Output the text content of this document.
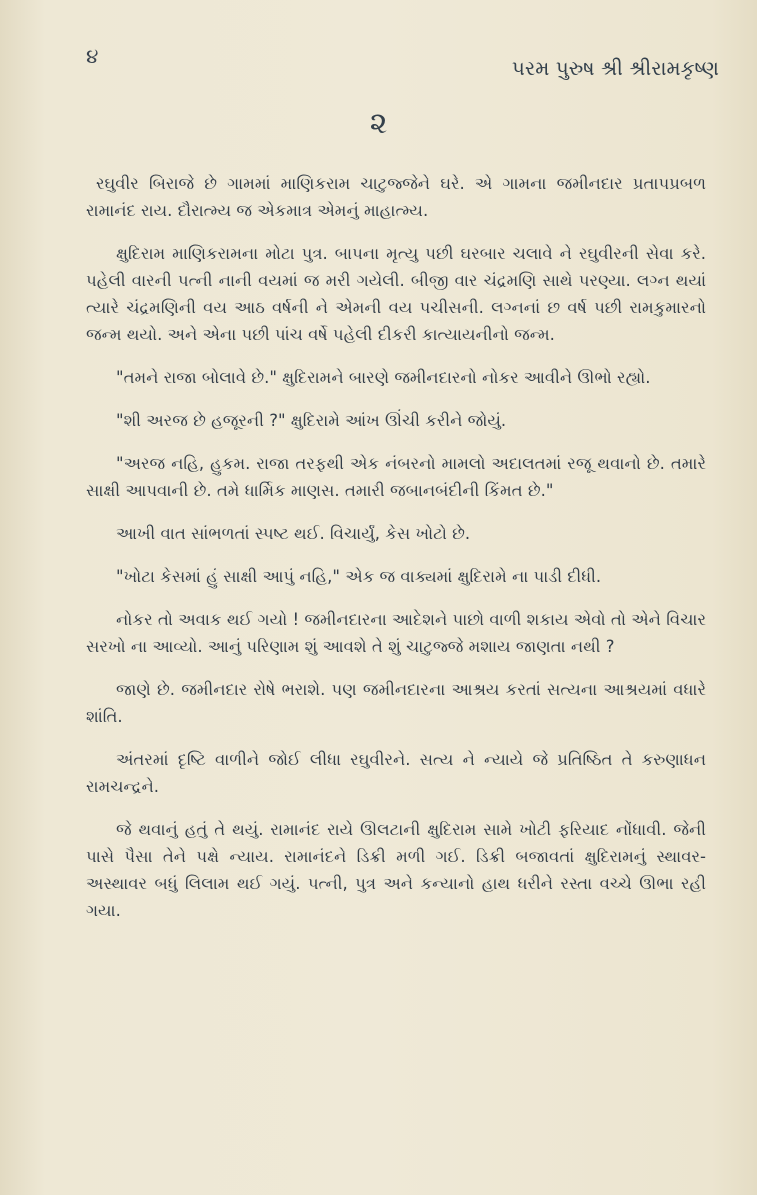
૪	પરમ પુરુષ શ્રી શ્રીરામકૃષ્ણ
૨

રઘુવીર બિરાજે છે ગામમાં માણિકરામ ચાટુજ્જેને ઘરે. એ ગામના જમીનદાર પ્રતાપપ્રબળ રામાનંદ રાય. દૌરાત્મ્ય જ એકમાત્ર એમનું માહાત્મ્ય.

ક્ષુદિરામ માણિકરામના મોટા પુત્ર. બાપના મૃત્યુ પછી ઘરબાર ચલાવે ને રઘુવીરની સેવા કરે. પહેલી વારની પત્ની નાની વયમાં જ મરી ગયેલી. બીજી વાર ચંદ્રમણિ સાથે પરણ્યા. લગ્ન થયાં ત્યારે ચંદ્રમણિની વય આઠ વર્ષની ને એમની વય પચીસની. લગ્નનાં છ વર્ષ પછી રામકુમારનો જન્મ થયો. અને એના પછી પાંચ વર્ષે પહેલી દીકરી કાત્યાયનીનો જન્મ.

"તમને રાજા બોલાવે છે." ક્ષુદિરામને બારણે જમીનદારનો નોકર આવીને ઊભો રહ્યો.

"શી અરજ છે હજૂરની ?" ક્ષુદિરામે આંખ ઊંચી કરીને જોયું.

"અરજ નહિ, હુકમ. રાજા તરફથી એક નંબરનો મામલો અદાલતમાં રજૂ થવાનો છે. તમારે સાક્ષી આપવાની છે. તમે ધાર્મિક માણસ. તમારી જબાનબંદીની કિંમત છે."

આખી વાત સાંભળતાં સ્પષ્ટ થઈ. વિચાર્યું, કેસ ખોટો છે.

"ખોટા કેસમાં હું સાક્ષી આપું નહિ," એક જ વાક્યમાં ક્ષુદિરામે ના પાડી દીધી.

નોકર તો અવાક થઈ ગયો ! જમીનદારના આદેશને પાછો વાળી શકાય એવો તો એને વિચાર સરખો ના આવ્યો. આનું પરિણામ શું આવશે તે શું ચાટુજ્જે મશાય જાણતા નથી ?

જાણે છે. જમીનદાર રોષે ભરાશે. પણ જમીનદારના આશ્રય કરતાં સત્યના આશ્રયમાં વધારે શાંતિ.

અંતરમાં દૃષ્ટિ વાળીને જોઈ લીધા રઘુવીરને. સત્ય ને ન્યાયે જે પ્રતિષ્ઠિત તે કરુણાધન રામચન્દ્રને.

જે થવાનું હતું તે થયું. રામાનંદ રાયે ઊલટાની ક્ષુદિરામ સામે ખોટી ફરિયાદ નોંધાવી. જેની પાસે પૈસા તેને પક્ષે ન્યાય. રામાનંદને ડિક્રી મળી ગઈ. ડિક્રી બજાવતાં ક્ષુદિરામનું સ્થાવર-અસ્થાવર બધું લિલામ થઈ ગયું. પત્ની, પુત્ર અને કન્યાનો હાથ ધરીને રસ્તા વચ્ચે ઊભા રહી ગયા.
